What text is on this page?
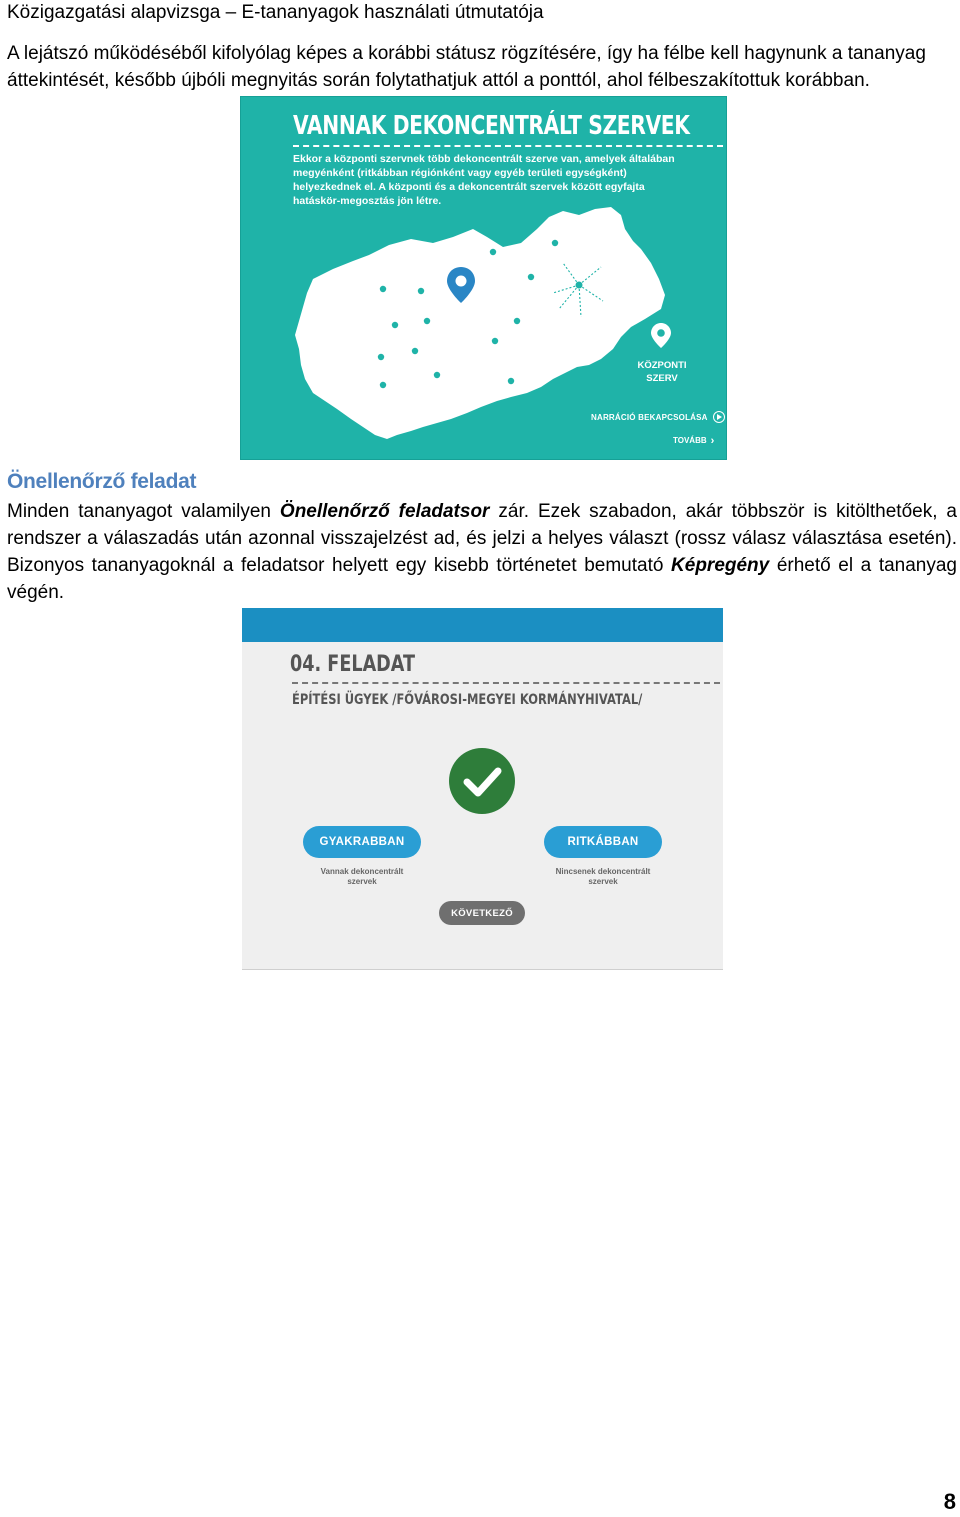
Közigazgatási alapvizsga – E-tananyagok használati útmutatója

A lejátszó működéséből kifolyólag képes a korábbi státusz rögzítésére, így ha félbe kell hagynunk a tananyag áttekintését, később újbóli megnyitás során folytathatjuk attól a ponttól, ahol félbeszakítottuk korábban.

VANNAK DEKONCENTRÁLT SZERVEK
Ekkor a központi szervnek több dekoncentrált szerve van, amelyek általában megyénként (ritkábban régiónként vagy egyéb területi egységként) helyezkednek el. A központi és a dekoncentrált szervek között egyfajta hatáskör-megosztás jön létre.
KÖZPONTI
SZERV
NARRÁCIÓ BEKAPCSOLÁSA
TOVÁBB ›
Önellenőrző feladat

Minden tananyagot valamilyen Önellenőrző feladatsor zár. Ezek szabadon, akár többször is kitölthetőek, a rendszer a válaszadás után azonnal visszajelzést ad, és jelzi a helyes választ (rossz válasz választása esetén). Bizonyos tananyagoknál a feladatsor helyett egy kisebb történetet bemutató Képregény érhető el a tananyag végén.

04. FELADAT
ÉPÍTÉSI ÜGYEK /FŐVÁROSI-MEGYEI KORMÁNYHIVATAL/
GYAKRABBAN
Vannak dekoncentrált
szervek
RITKÁBBAN
Nincsenek dekoncentrált
szervek
KÖVETKEZŐ
8
